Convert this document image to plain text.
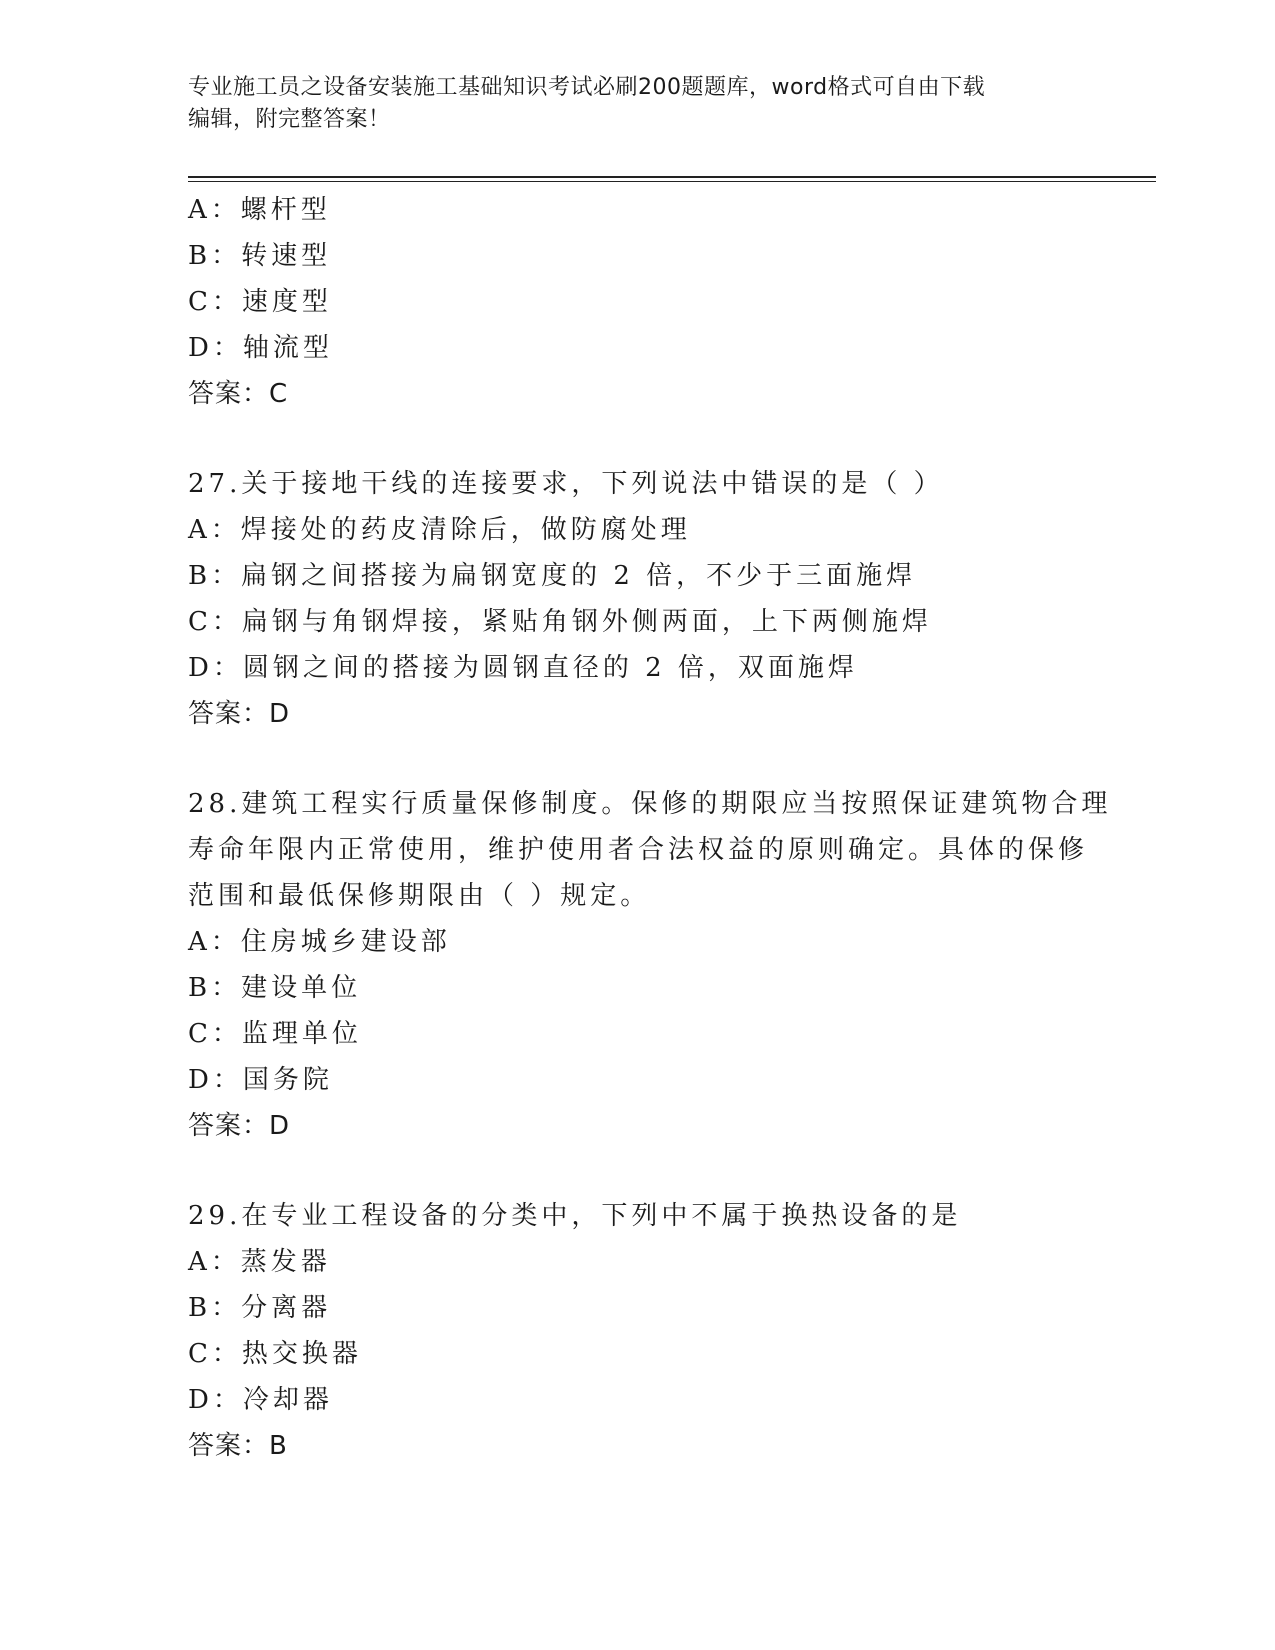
专业施工员之设备安装施工基础知识考试必刷200题题库，word格式可自由下载
编辑，附完整答案！
A：螺杆型
B：转速型
C：速度型
D：轴流型
答案：C
27.关于接地干线的连接要求，下列说法中错误的是（ ）
A：焊接处的药皮清除后，做防腐处理
B：扁钢之间搭接为扁钢宽度的 2 倍，不少于三面施焊
C：扁钢与角钢焊接，紧贴角钢外侧两面，上下两侧施焊
D：圆钢之间的搭接为圆钢直径的 2 倍，双面施焊
答案：D
28.建筑工程实行质量保修制度。保修的期限应当按照保证建筑物合理
寿命年限内正常使用，维护使用者合法权益的原则确定。具体的保修
范围和最低保修期限由（ ）规定。
A：住房城乡建设部
B：建设单位
C：监理单位
D：国务院
答案：D
29.在专业工程设备的分类中，下列中不属于换热设备的是
A：蒸发器
B：分离器
C：热交换器
D：冷却器
答案：B
